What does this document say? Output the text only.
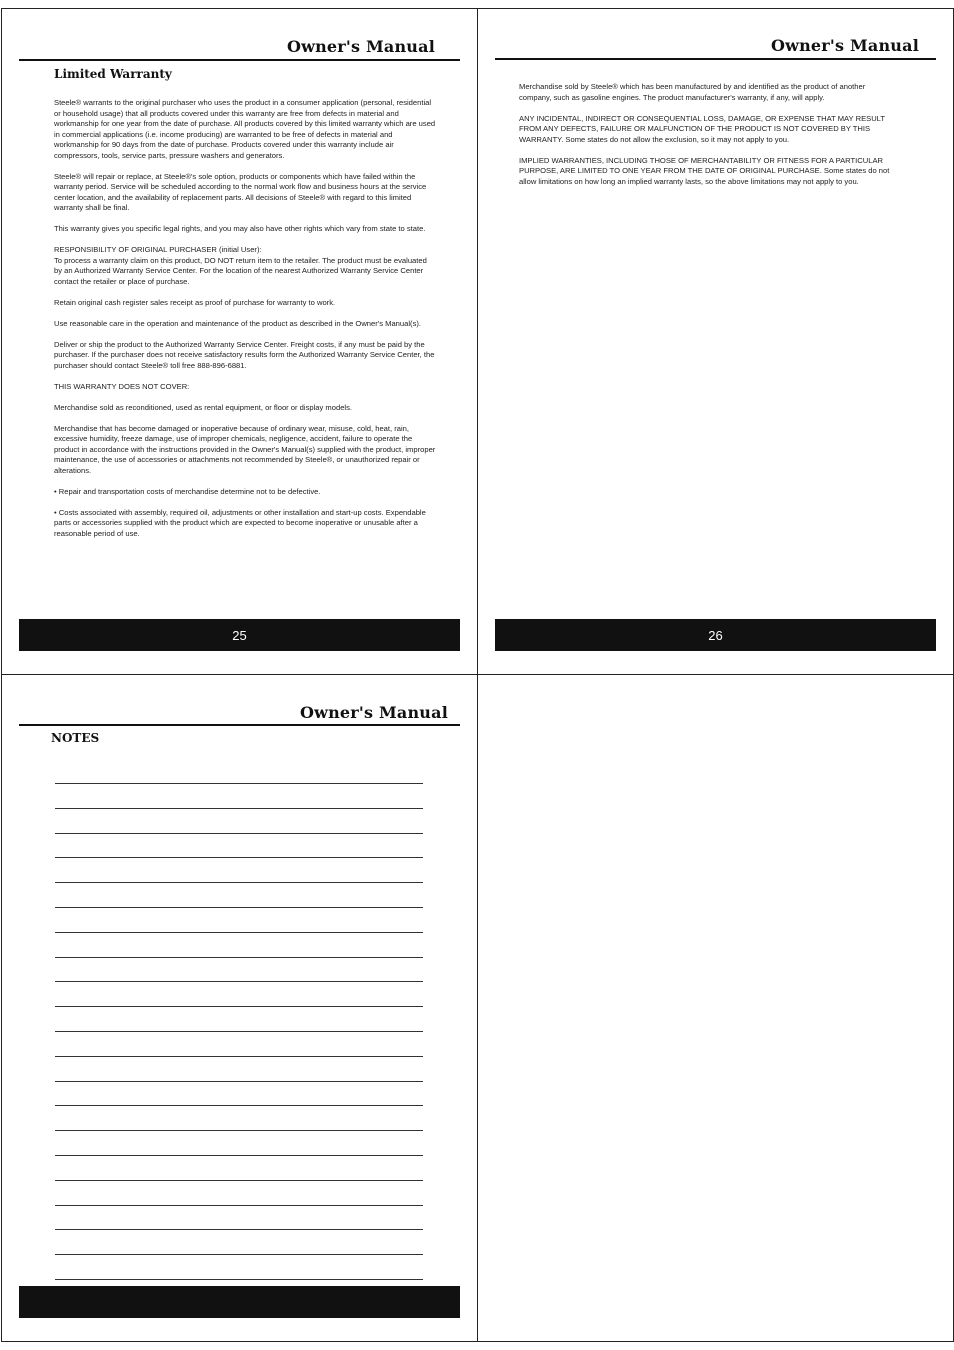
Owner's Manual
Limited Warranty

Steele® warrants to the original purchaser who uses the product in a consumer application (personal, residential or household usage) that all products covered under this warranty are free from defects in material and workmanship for one year from the date of purchase. All products covered by this limited warranty which are used in commercial applications (i.e. income producing) are warranted to be free of defects in material and workmanship for 90 days from the date of purchase. Products covered under this warranty include air compressors, tools, service parts, pressure washers and generators.

Steele® will repair or replace, at Steele®'s sole option, products or components which have failed within the warranty period. Service will be scheduled according to the normal work flow and business hours at the service center location, and the availability of replacement parts. All decisions of Steele® with regard to this limited warranty shall be final.

This warranty gives you specific legal rights, and you may also have other rights which vary from state to state.

RESPONSIBILITY OF ORIGINAL PURCHASER (initial User):
To process a warranty claim on this product, DO NOT return item to the retailer. The product must be evaluated by an Authorized Warranty Service Center. For the location of the nearest Authorized Warranty Service Center contact the retailer or place of purchase.

Retain original cash register sales receipt as proof of purchase for warranty to work.

Use reasonable care in the operation and maintenance of the product as described in the Owner's Manual(s).

Deliver or ship the product to the Authorized Warranty Service Center. Freight costs, if any must be paid by the purchaser. If the purchaser does not receive satisfactory results form the Authorized Warranty Service Center, the purchaser should contact Steele® toll free 888-896-6881.

THIS WARRANTY DOES NOT COVER:

Merchandise sold as reconditioned, used as rental equipment, or floor or display models.

Merchandise that has become damaged or inoperative because of ordinary wear, misuse, cold, heat, rain, excessive humidity, freeze damage, use of improper chemicals, negligence, accident, failure to operate the product in accordance with the instructions provided in the Owner's Manual(s) supplied with the product, improper maintenance, the use of accessories or attachments not recommended by Steele®, or unauthorized repair or alterations.

• Repair and transportation costs of merchandise determine not to be defective.

• Costs associated with assembly, required oil, adjustments or other installation and start-up costs. Expendable parts or accessories supplied with the product which are expected to become inoperative or unusable after a reasonable period of use.

25
Owner's Manual

Merchandise sold by Steele® which has been manufactured by and identified as the product of another company, such as gasoline engines. The product manufacturer's warranty, if any, will apply.

ANY INCIDENTAL, INDIRECT OR CONSEQUENTIAL LOSS, DAMAGE, OR EXPENSE THAT MAY RESULT FROM ANY DEFECTS, FAILURE OR MALFUNCTION OF THE PRODUCT IS NOT COVERED BY THIS WARRANTY. Some states do not allow the exclusion, so it may not apply to you.

IMPLIED WARRANTIES, INCLUDING THOSE OF MERCHANTABILITY OR FITNESS FOR A PARTICULAR PURPOSE, ARE LIMITED TO ONE YEAR FROM THE DATE OF ORIGINAL PURCHASE. Some states do not allow limitations on how long an implied warranty lasts, so the above limitations may not apply to you.

26
Owner's Manual
NOTES
